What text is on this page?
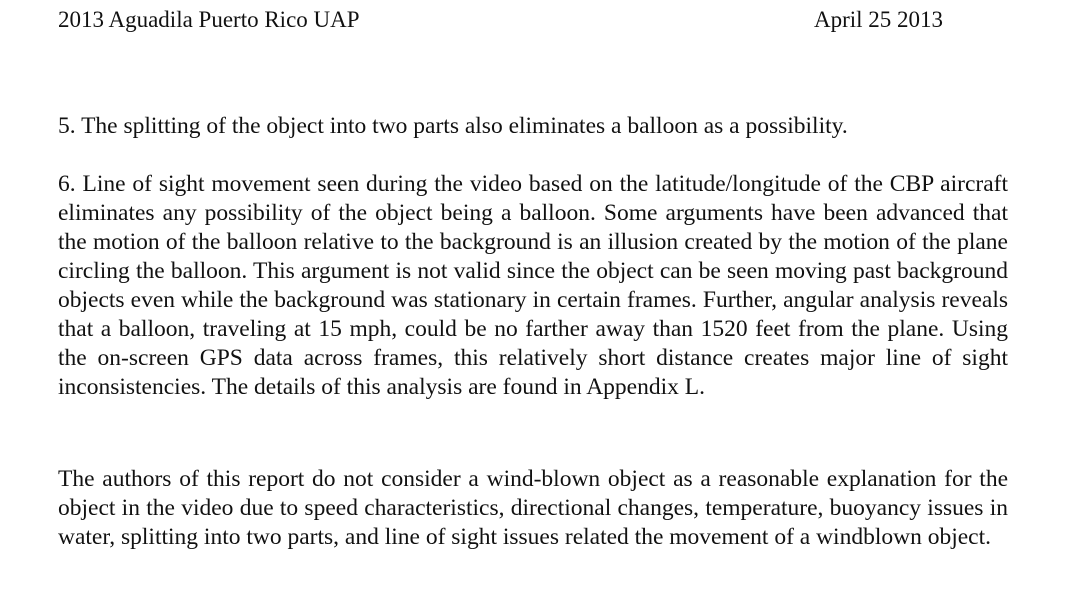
2013 Aguadila Puerto Rico UAP	April 25 2013

5. The splitting of the object into two parts also eliminates a balloon as a possibility.

6. Line of sight movement seen during the video based on the latitude/longitude of the CBP aircraft eliminates any possibility of the object being a balloon. Some arguments have been advanced that the motion of the balloon relative to the background is an illusion created by the motion of the plane circling the balloon. This argument is not valid since the object can be seen moving past background objects even while the background was stationary in certain frames. Further, angular analysis reveals that a balloon, traveling at 15 mph, could be no farther away than 1520 feet from the plane. Using the on-screen GPS data across frames, this relatively short distance creates major line of sight inconsistencies. The details of this analysis are found in Appendix L.

The authors of this report do not consider a wind-blown object as a reasonable explanation for the object in the video due to speed characteristics, directional changes, temperature, buoyancy issues in water, splitting into two parts, and line of sight issues related the movement of a windblown object.
